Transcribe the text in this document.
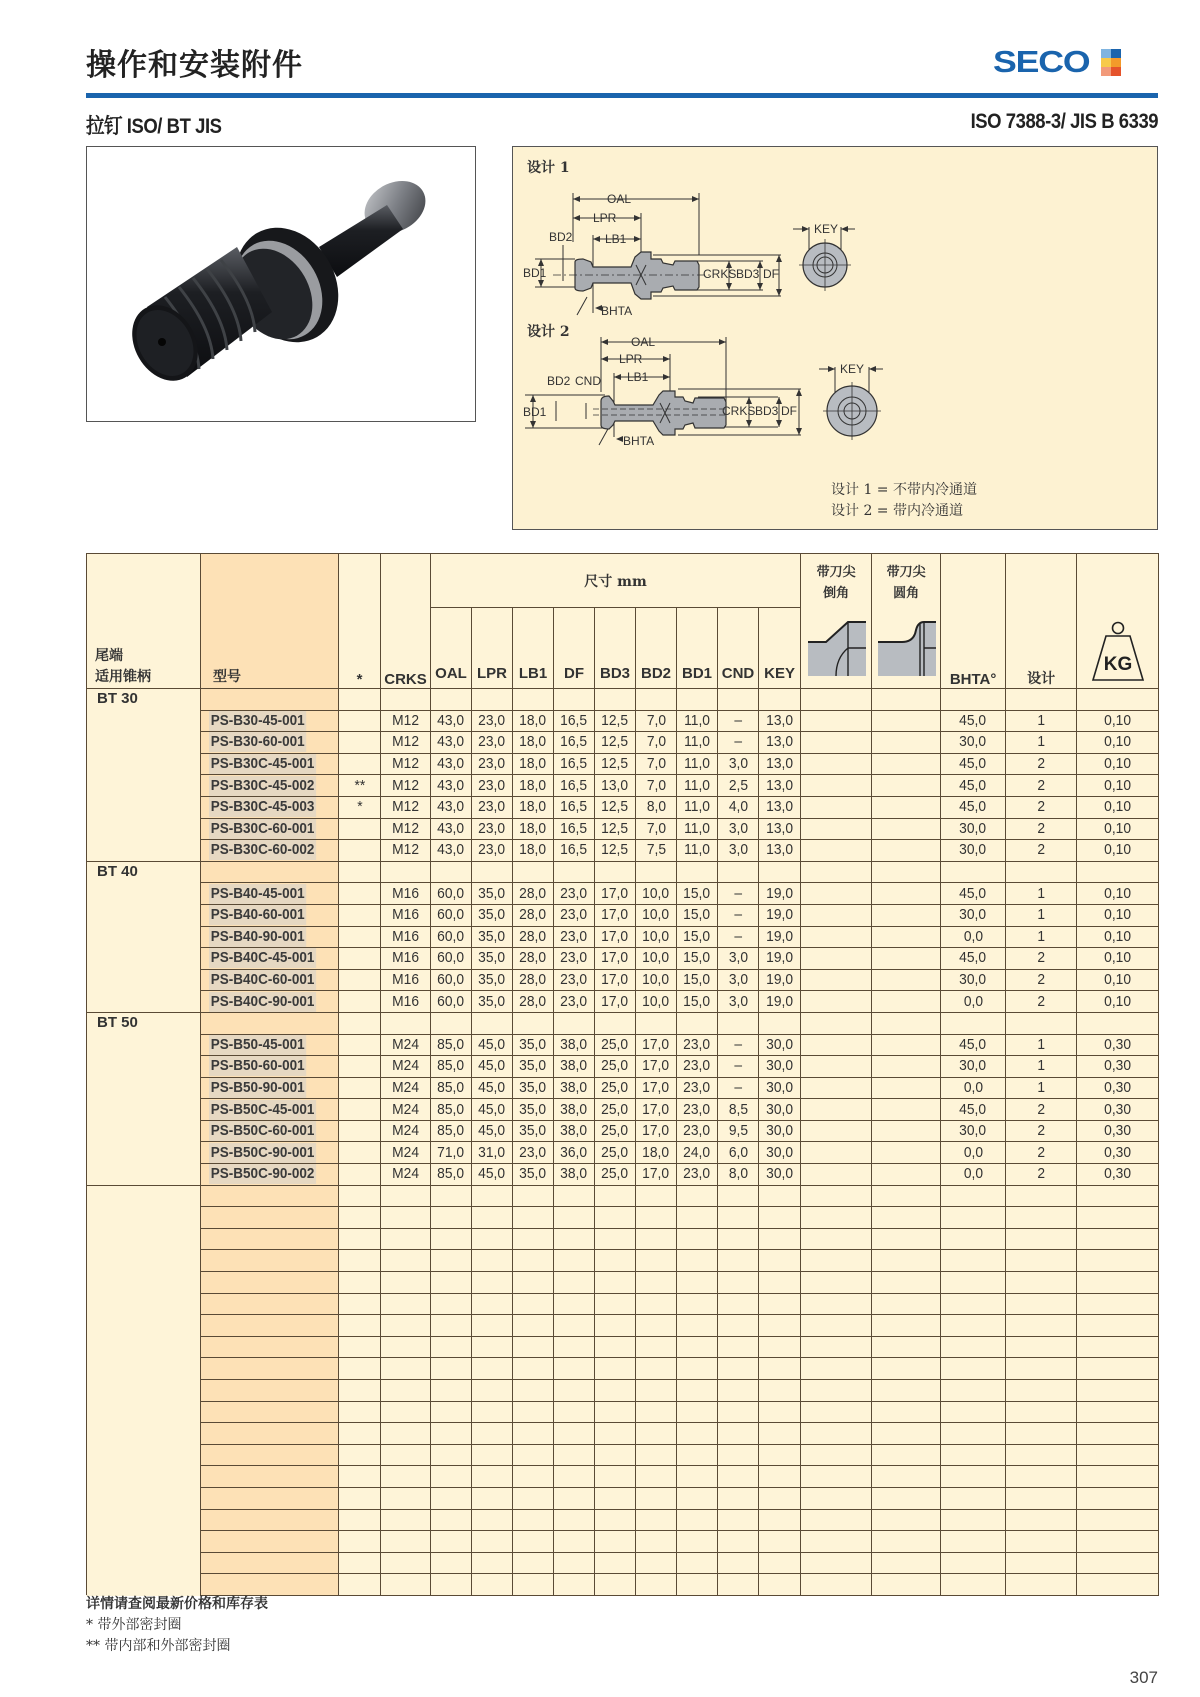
操作和安装附件	SECO
拉钉 ISO/ BT JIS	ISO 7388-3/ JIS B 6339
设计 1
设计 2
OAL
LPR
LB1
BD2
BD1	CRKS BD3 DF
BHTA
KEY
OAL
LPR
LB1
BD2 CND
BD1	CRKS BD3 DF
BHTA
KEY
设计 1 = 不带内冷通道
设计 2 = 带内冷通道
尾端
适用锥柄	型号	*	CRKS	尺寸 mm	
带刀尖
倒角

带刀尖
圆角
	BHTA°	设计	
KG

				OAL	LPR	LB1	DF	BD3	BD2	BD1	CND	KEY					
BT 30																	
	PS-B30-45-001		M12	43,0	23,0	18,0	16,5	12,5	7,0	11,0	–	13,0			45,0	1	0,10
	PS-B30-60-001		M12	43,0	23,0	18,0	16,5	12,5	7,0	11,0	–	13,0			30,0	1	0,10
	PS-B30C-45-001		M12	43,0	23,0	18,0	16,5	12,5	7,0	11,0	3,0	13,0			45,0	2	0,10
	PS-B30C-45-002	**	M12	43,0	23,0	18,0	16,5	13,0	7,0	11,0	2,5	13,0			45,0	2	0,10
	PS-B30C-45-003	*	M12	43,0	23,0	18,0	16,5	12,5	8,0	11,0	4,0	13,0			45,0	2	0,10
	PS-B30C-60-001		M12	43,0	23,0	18,0	16,5	12,5	7,0	11,0	3,0	13,0			30,0	2	0,10
	PS-B30C-60-002		M12	43,0	23,0	18,0	16,5	12,5	7,5	11,0	3,0	13,0			30,0	2	0,10
BT 40																	
	PS-B40-45-001		M16	60,0	35,0	28,0	23,0	17,0	10,0	15,0	–	19,0			45,0	1	0,10
	PS-B40-60-001		M16	60,0	35,0	28,0	23,0	17,0	10,0	15,0	–	19,0			30,0	1	0,10
	PS-B40-90-001		M16	60,0	35,0	28,0	23,0	17,0	10,0	15,0	–	19,0			0,0	1	0,10
	PS-B40C-45-001		M16	60,0	35,0	28,0	23,0	17,0	10,0	15,0	3,0	19,0			45,0	2	0,10
	PS-B40C-60-001		M16	60,0	35,0	28,0	23,0	17,0	10,0	15,0	3,0	19,0			30,0	2	0,10
	PS-B40C-90-001		M16	60,0	35,0	28,0	23,0	17,0	10,0	15,0	3,0	19,0			0,0	2	0,10
BT 50																	
	PS-B50-45-001		M24	85,0	45,0	35,0	38,0	25,0	17,0	23,0	–	30,0			45,0	1	0,30
	PS-B50-60-001		M24	85,0	45,0	35,0	38,0	25,0	17,0	23,0	–	30,0			30,0	1	0,30
	PS-B50-90-001		M24	85,0	45,0	35,0	38,0	25,0	17,0	23,0	–	30,0			0,0	1	0,30
	PS-B50C-45-001		M24	85,0	45,0	35,0	38,0	25,0	17,0	23,0	8,5	30,0			45,0	2	0,30
	PS-B50C-60-001		M24	85,0	45,0	35,0	38,0	25,0	17,0	23,0	9,5	30,0			30,0	2	0,30
	PS-B50C-90-001		M24	71,0	31,0	23,0	36,0	25,0	18,0	24,0	6,0	30,0			0,0	2	0,30
	PS-B50C-90-002		M24	85,0	45,0	35,0	38,0	25,0	17,0	23,0	8,0	30,0			0,0	2	0,30

详情请查阅最新价格和库存表
* 带外部密封圈
** 带内部和外部密封圈
307
